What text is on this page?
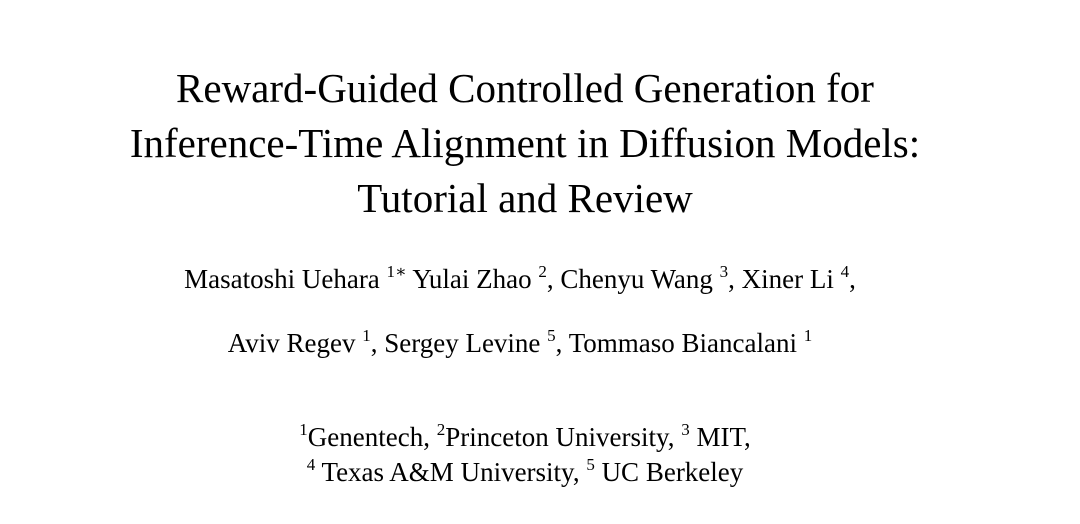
Reward-Guided Controlled Generation for
Inference-Time Alignment in Diffusion Models:
Tutorial and Review
Masatoshi Uehara $^{1∗}$ Yulai Zhao $^2$, Chenyu Wang $^3$, Xiner Li $^4$,
Aviv Regev $^1$, Sergey Levine $^5$, Tommaso Biancalani $^1$
$^1$Genentech, $^2$Princeton University, $^3$ MIT,
$^4$ Texas A&M University, $^5$ UC Berkeley
